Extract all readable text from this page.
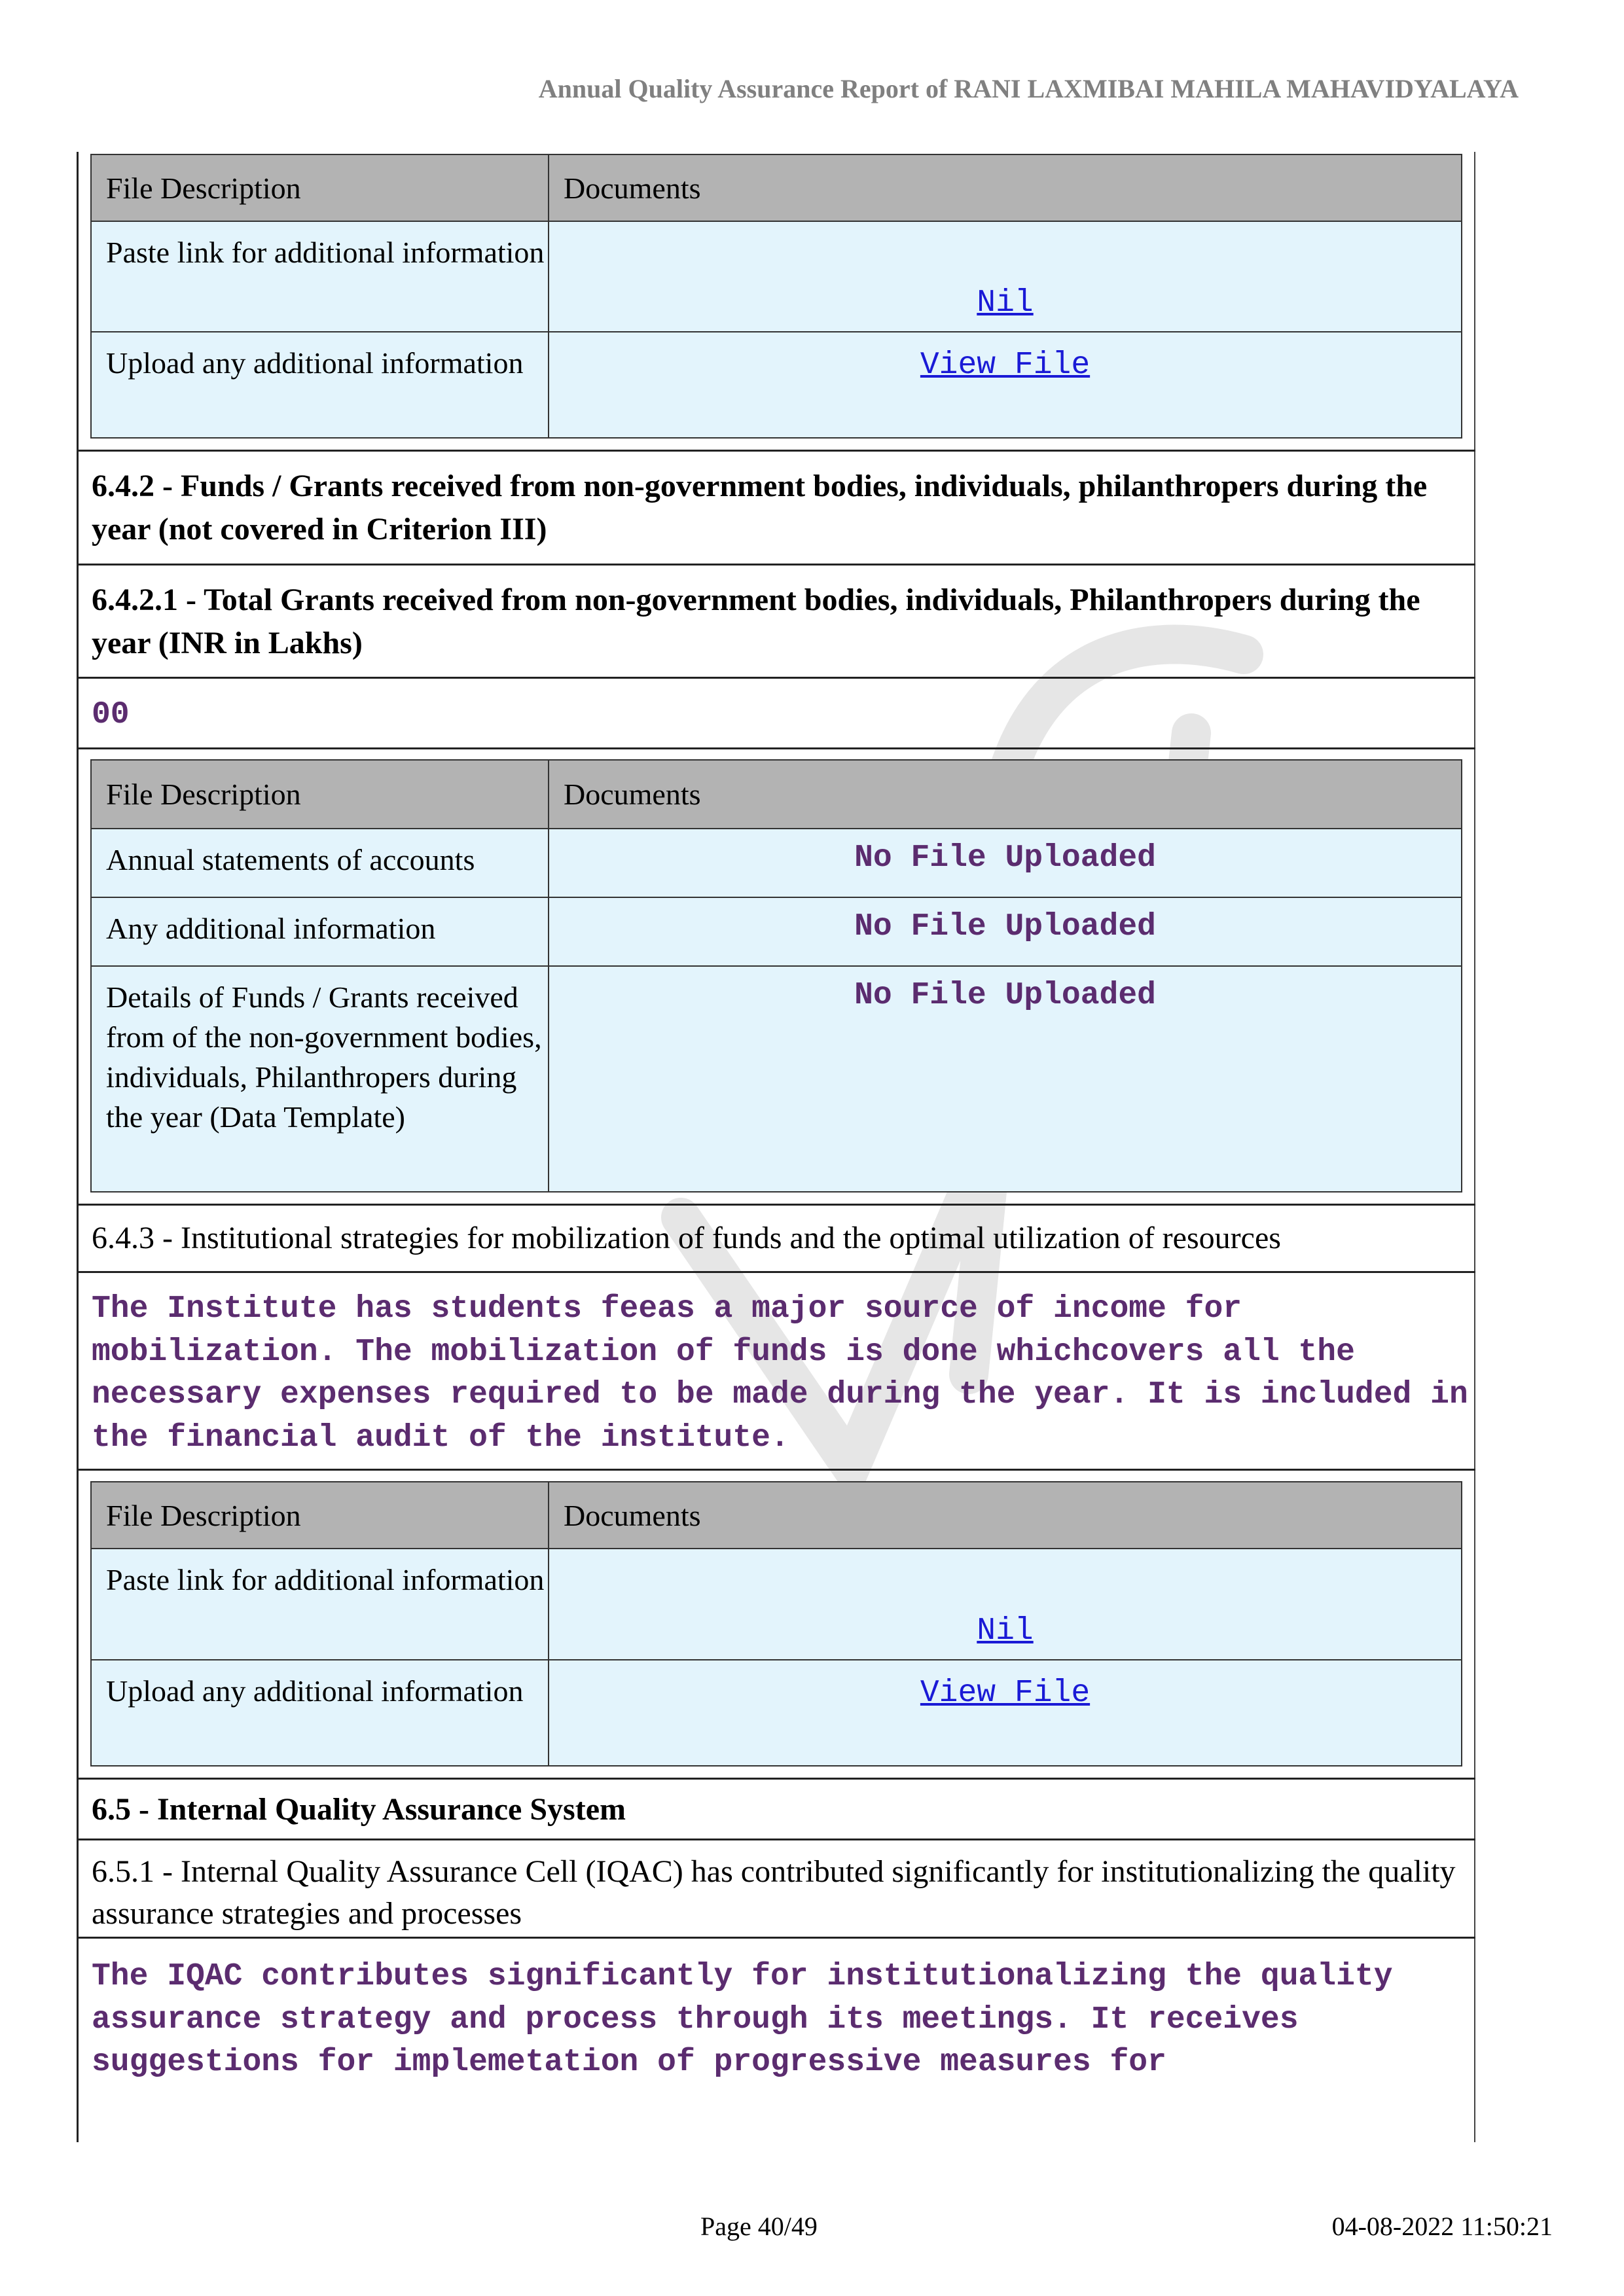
Annual Quality Assurance Report of RANI LAXMIBAI MAHILA MAHAVIDYALAYA
File Description	Documents
Paste link for additional information	Nil
Upload any additional information	View File
6.4.2 - Funds / Grants received from non-government bodies, individuals, philanthropers during the year (not covered in Criterion III)
6.4.2.1 - Total Grants received from non-government bodies, individuals, Philanthropers during the year (INR in Lakhs)
00
File Description	Documents
Annual statements of accounts	No File Uploaded
Any additional information	No File Uploaded
Details of Funds / Grants received from of the non-government bodies, individuals, Philanthropers during the year (Data Template)	No File Uploaded
6.4.3 - Institutional strategies for mobilization of funds and the optimal utilization of resources
The Institute has students feeas a major source of income for mobilization. The mobilization of funds is done whichcovers all the necessary expenses required to be made during the year. It is included in the financial audit of the institute.
File Description	Documents
Paste link for additional information	Nil
Upload any additional information	View File
6.5 - Internal Quality Assurance System
6.5.1 - Internal Quality Assurance Cell (IQAC) has contributed significantly for institutionalizing the quality assurance strategies and processes
The IQAC contributes significantly for institutionalizing the quality assurance strategy and process through its meetings. It receives suggestions for implemetation of progressive measures for
Page 40/49	04-08-2022 11:50:21
